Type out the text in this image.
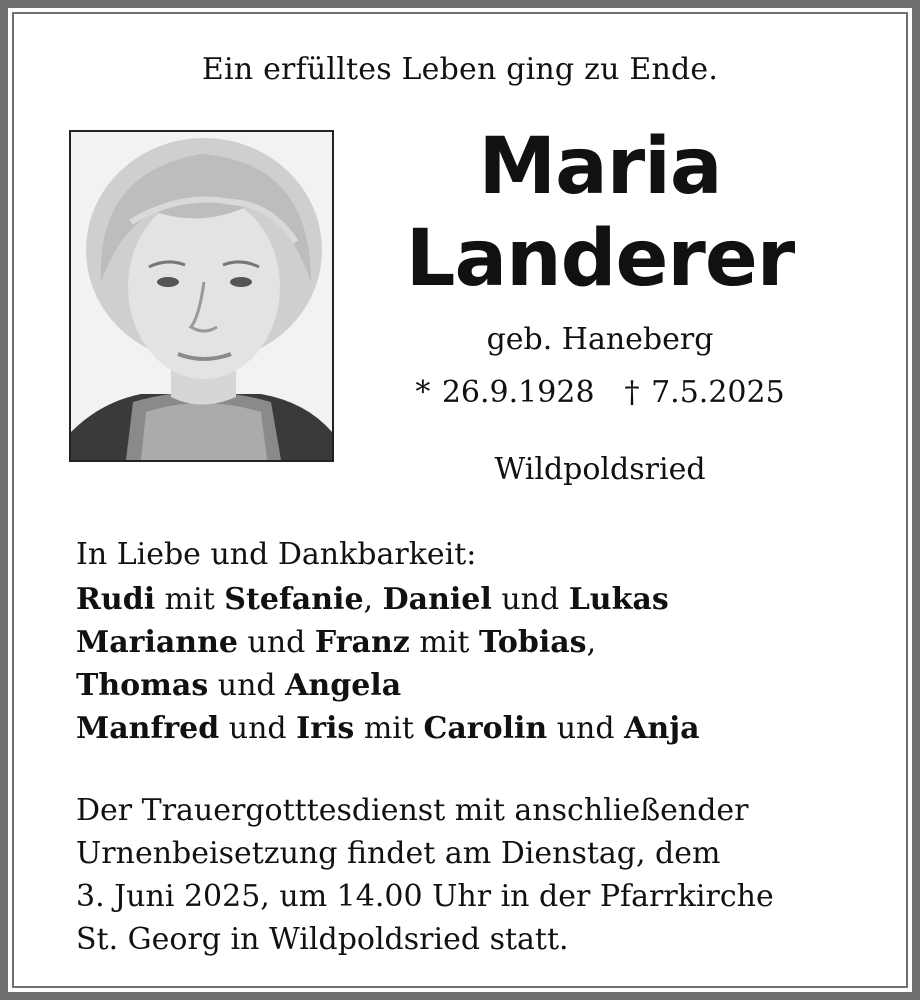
Ein erfülltes Leben ging zu Ende.
Maria
Landerer
geb. Haneberg
* 26.9.1928 † 7.5.2025
Wildpoldsried
In Liebe und Dankbarkeit:
Rudi mit Stefanie, Daniel und Lukas
Marianne und Franz mit Tobias,
Thomas und Angela
Manfred und Iris mit Carolin und Anja
Der Trauergotttesdienst mit anschließender
Urnenbeisetzung findet am Dienstag, dem
3. Juni 2025, um 14.00 Uhr in der Pfarrkirche
St. Georg in Wildpoldsried statt.
